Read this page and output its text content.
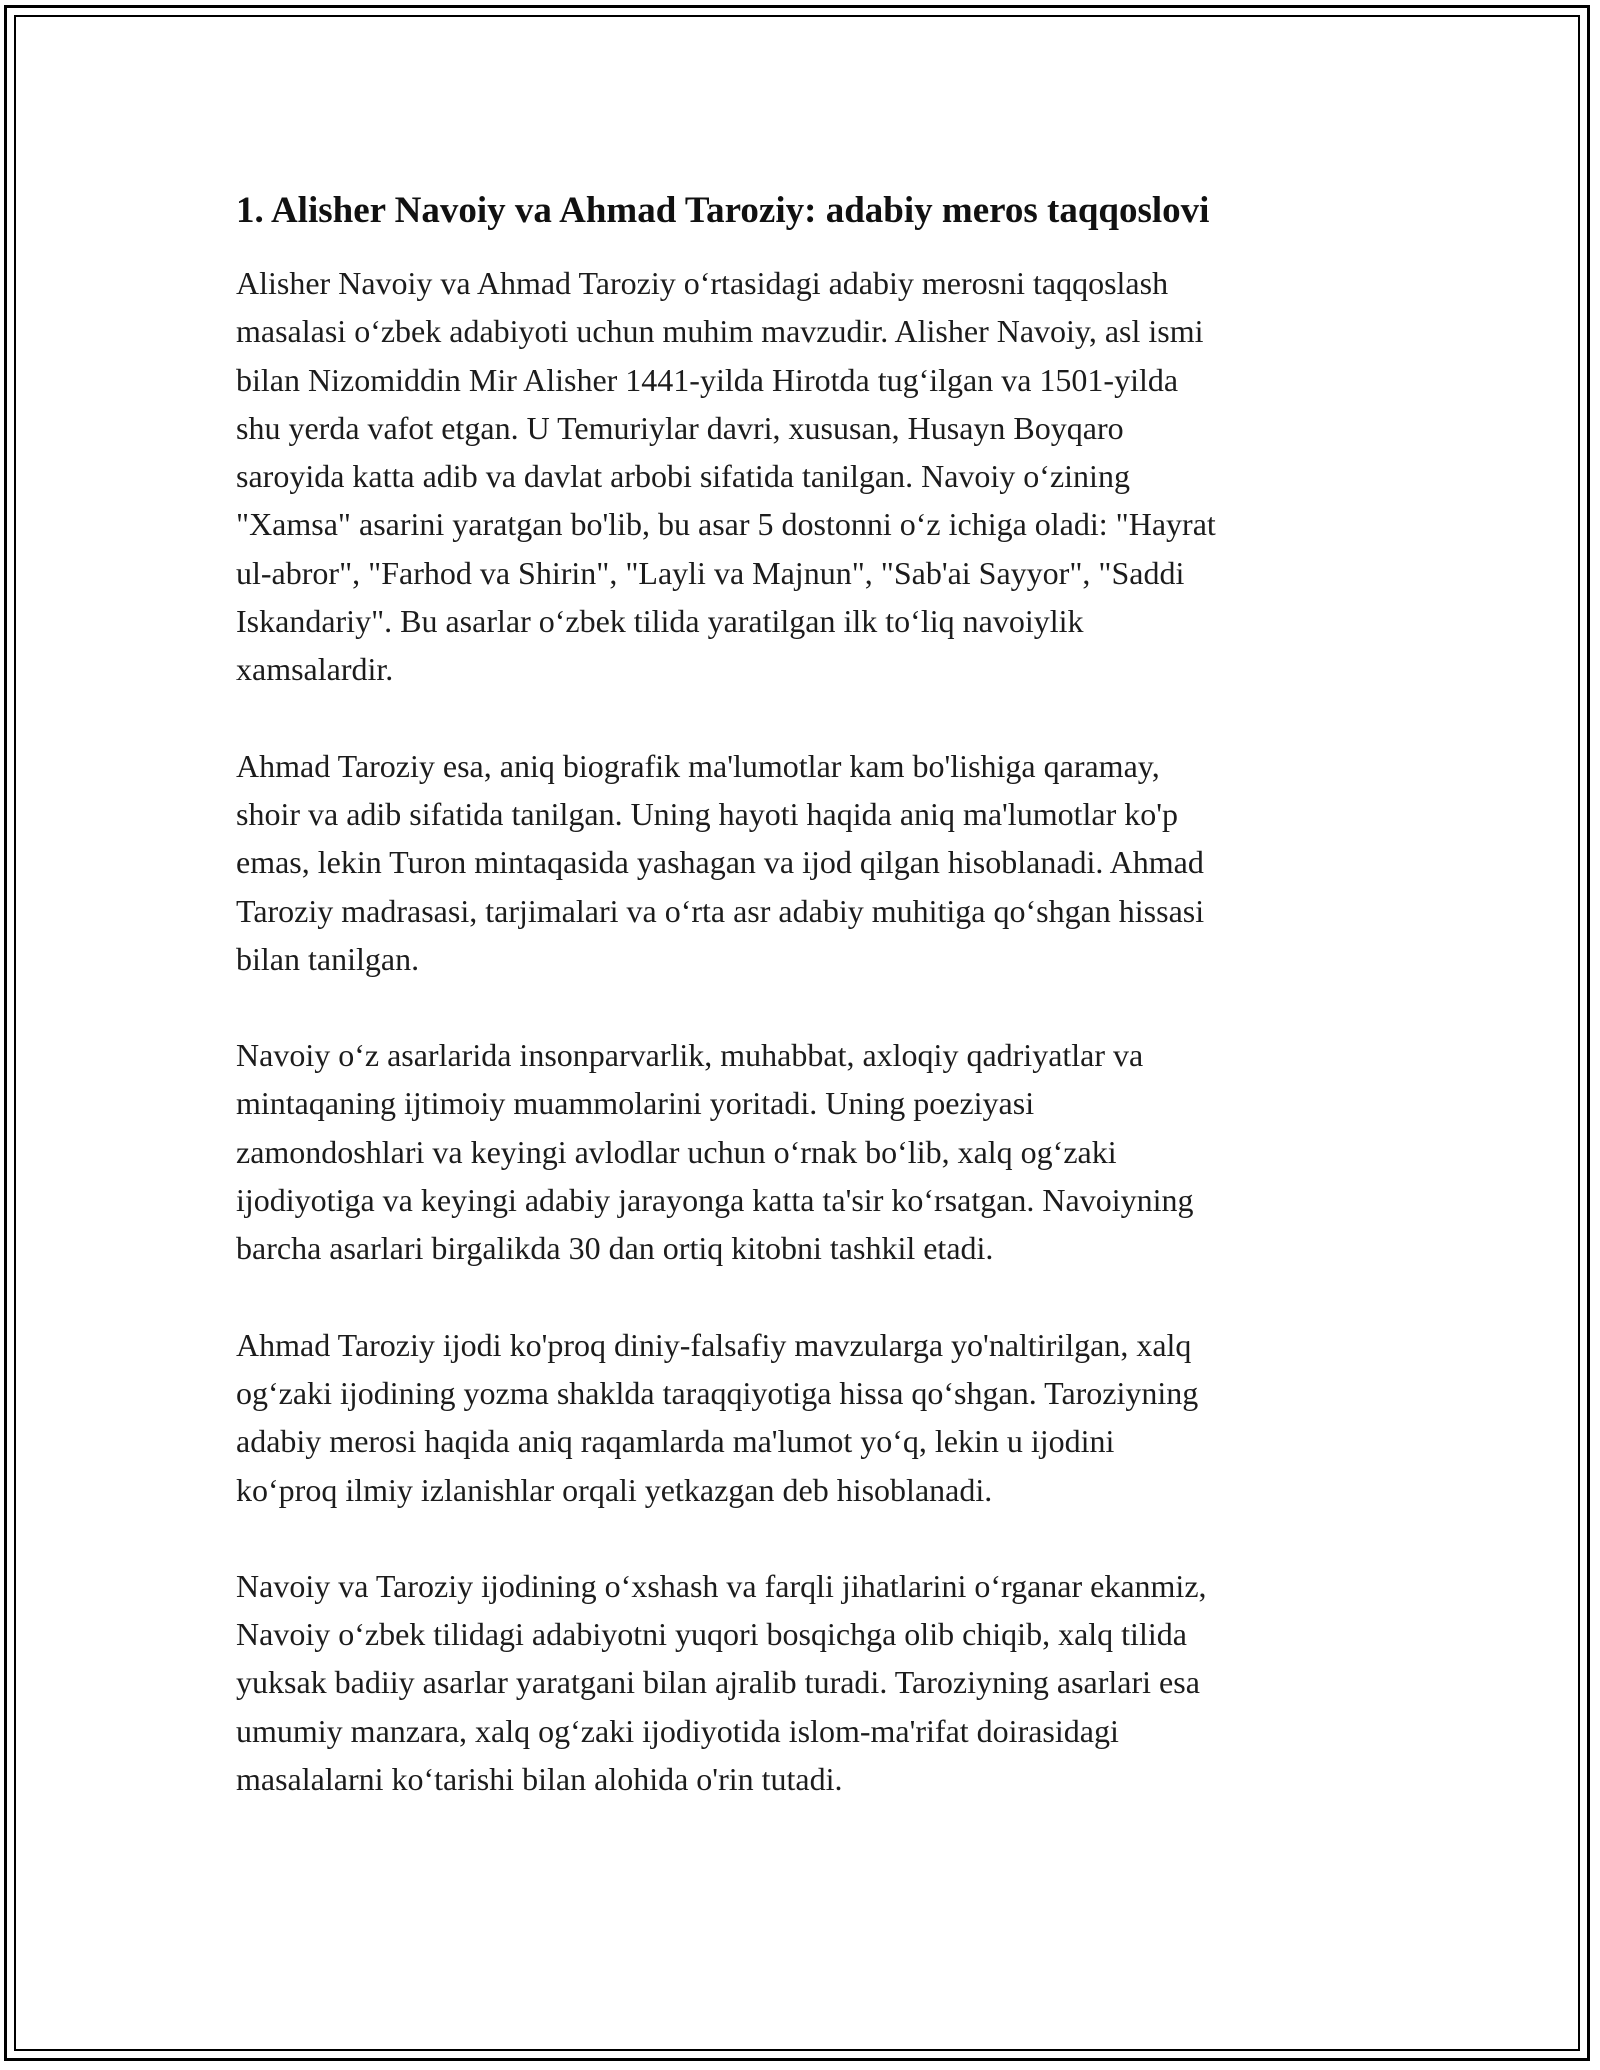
1. Alisher Navoiy va Ahmad Taroziy: adabiy meros taqqoslovi

Alisher Navoiy va Ahmad Taroziy o‘rtasidagi adabiy merosni taqqoslash
masalasi o‘zbek adabiyoti uchun muhim mavzudir. Alisher Navoiy, asl ismi
bilan Nizomiddin Mir Alisher 1441-yilda Hirotda tug‘ilgan va 1501-yilda
shu yerda vafot etgan. U Temuriylar davri, xususan, Husayn Boyqaro
saroyida katta adib va davlat arbobi sifatida tanilgan. Navoiy o‘zining
"Xamsa" asarini yaratgan bo'lib, bu asar 5 dostonni o‘z ichiga oladi: "Hayrat
ul-abror", "Farhod va Shirin", "Layli va Majnun", "Sab'ai Sayyor", "Saddi
Iskandariy". Bu asarlar o‘zbek tilida yaratilgan ilk to‘liq navoiylik
xamsalardir.

Ahmad Taroziy esa, aniq biografik ma'lumotlar kam bo'lishiga qaramay,
shoir va adib sifatida tanilgan. Uning hayoti haqida aniq ma'lumotlar ko'p
emas, lekin Turon mintaqasida yashagan va ijod qilgan hisoblanadi. Ahmad
Taroziy madrasasi, tarjimalari va o‘rta asr adabiy muhitiga qo‘shgan hissasi
bilan tanilgan.

Navoiy o‘z asarlarida insonparvarlik, muhabbat, axloqiy qadriyatlar va
mintaqaning ijtimoiy muammolarini yoritadi. Uning poeziyasi
zamondoshlari va keyingi avlodlar uchun o‘rnak bo‘lib, xalq og‘zaki
ijodiyotiga va keyingi adabiy jarayonga katta ta'sir ko‘rsatgan. Navoiyning
barcha asarlari birgalikda 30 dan ortiq kitobni tashkil etadi.

Ahmad Taroziy ijodi ko'proq diniy-falsafiy mavzularga yo'naltirilgan, xalq
og‘zaki ijodining yozma shaklda taraqqiyotiga hissa qo‘shgan. Taroziyning
adabiy merosi haqida aniq raqamlarda ma'lumot yo‘q, lekin u ijodini
ko‘proq ilmiy izlanishlar orqali yetkazgan deb hisoblanadi.

Navoiy va Taroziy ijodining o‘xshash va farqli jihatlarini o‘rganar ekanmiz,
Navoiy o‘zbek tilidagi adabiyotni yuqori bosqichga olib chiqib, xalq tilida
yuksak badiiy asarlar yaratgani bilan ajralib turadi. Taroziyning asarlari esa
umumiy manzara, xalq og‘zaki ijodiyotida islom-ma'rifat doirasidagi
masalalarni ko‘tarishi bilan alohida o'rin tutadi.
